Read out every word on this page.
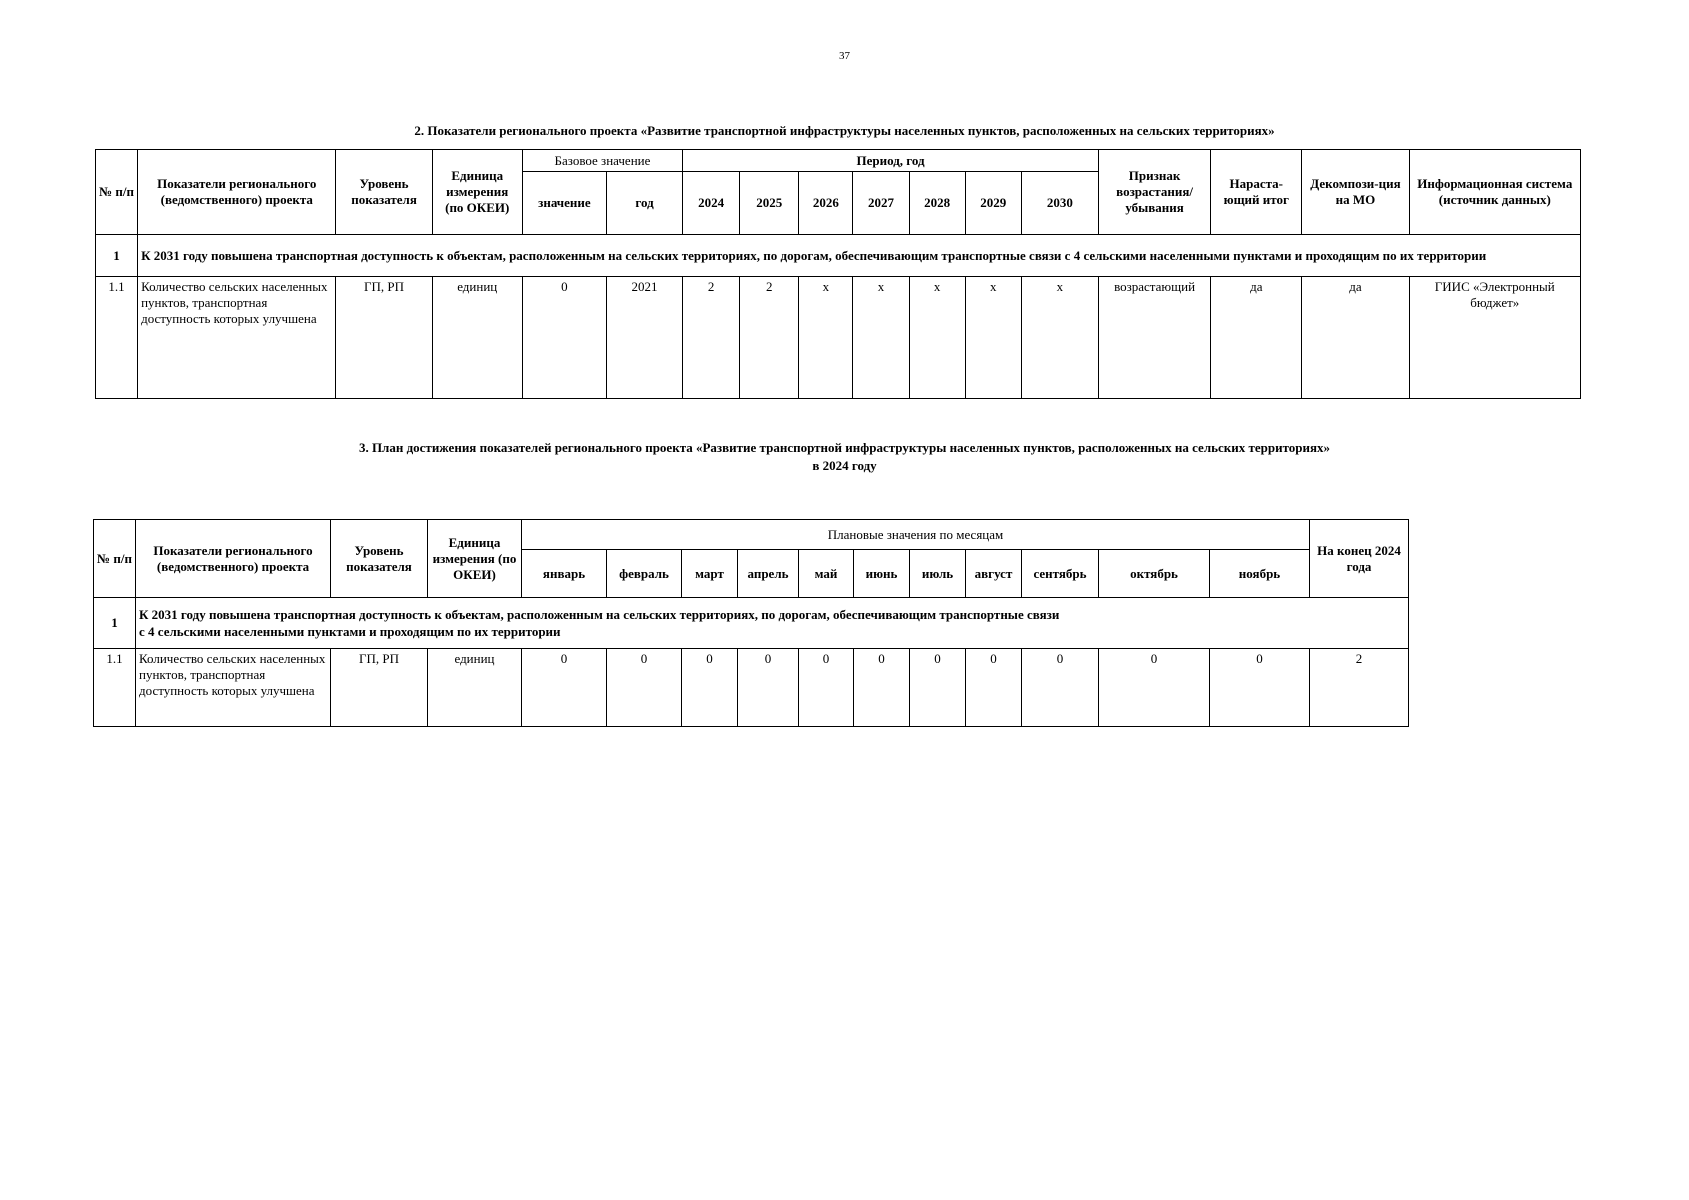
37
2. Показатели регионального проекта «Развитие транспортной инфраструктуры населенных пунктов, расположенных на сельских территориях»
№ п/п	Показатели регионального (ведомственного) проекта	Уровень показателя	Единица измерения (по ОКЕИ)	Базовое значение		Период, год							Признак возрастания/ убывания	Нараста-ющий итог	Декомпози-ция на МО	Информационная система (источник данных)
				значение	год	2024	2025	2026	2027	2028	2029	2030				
1	К 2031 году повышена транспортная доступность к объектам, расположенным на сельских территориях, по дорогам, обеспечивающим транспортные связи с 4 сельскими населенными пунктами и проходящим по их территории															
1.1	Количество сельских населенных пунктов, транспортная доступность которых улучшена	ГП, РП	единиц	0	2021	2	2	x	x	x	x	x	возрастающий	да	да	ГИИС «Электронный бюджет»
3. План достижения показателей регионального проекта «Развитие транспортной инфраструктуры населенных пунктов, расположенных на сельских территориях»
в 2024 году
№ п/п	Показатели регионального (ведомственного) проекта	Уровень показателя	Единица измерения (по ОКЕИ)	Плановые значения по месяцам											На конец 2024 года
				январь	февраль	март	апрель	май	июнь	июль	август	сентябрь	октябрь	ноябрь	
1	К 2031 году повышена транспортная доступность к объектам, расположенным на сельских территориях, по дорогам, обеспечивающим транспортные связи
с 4 сельскими населенными пунктами и проходящим по их территории														

1.1	Количество сельских населенных пунктов, транспортная доступность которых улучшена	ГП, РП	единиц	0	0	0	0	0	0	0	0	0	0	0	2
